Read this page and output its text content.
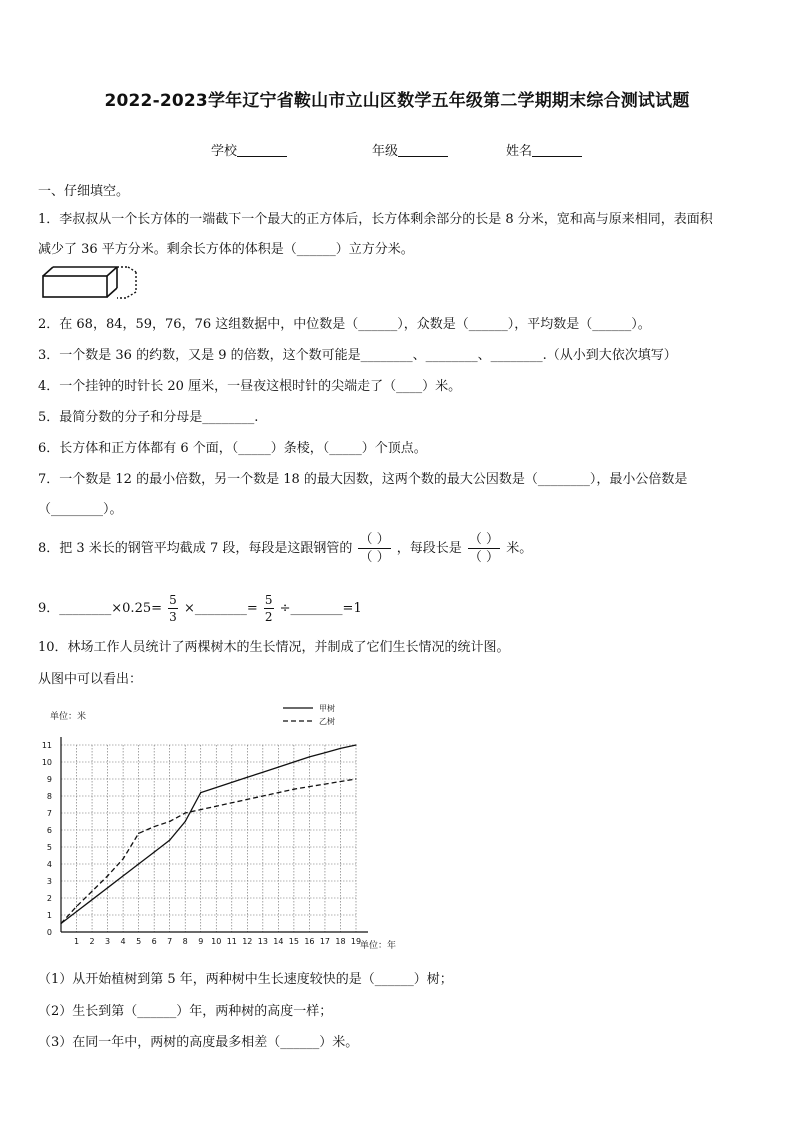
2022-2023学年辽宁省鞍山市立山区数学五年级第二学期期末综合测试试题
学校	年级	姓名
一、仔细填空。
1．李叔叔从一个长方体的一端截下一个最大的正方体后，长方体剩余部分的长是 8 分米，宽和高与原来相同，表面积
减少了 36 平方分米。剩余长方体的体积是（______）立方分米。
2．在 68，84，59，76，76 这组数据中，中位数是（______），众数是（______），平均数是（______）。
3．一个数是 36 的约数，又是 9 的倍数，这个数可能是________、________、________.（从小到大依次填写）
4．一个挂钟的时针长 20 厘米，一昼夜这根时针的尖端走了（____）米。
5．最简分数的分子和分母是________.
6．长方体和正方体都有 6 个面，（_____）条棱，（_____）个顶点。
7．一个数是 12 的最小倍数，另一个数是 18 的最大因数，这两个数的最大公因数是（________），最小公倍数是
（________）。
8．把 3 米长的钢管平均截成 7 段，每段是这跟钢管的 $\frac{( )}{( )}$ ，每段长是 $\frac{( )}{( )}$ 米。
9．________×0.25= $\frac{5}{3}$ ×________= $\frac{5}{2}$ ÷________=1
10．林场工作人员统计了两棵树木的生长情况，并制成了它们生长情况的统计图。
从图中可以看出：
1 2 3 4 5 6 7 8 9 10 11 12 13 14 15 16 17 18 19
0
1
2
3
4
5
6
7
8
9
10
11
单位：米
单位：年
甲树
乙树
（1）从开始植树到第 5 年，两种树中生长速度较快的是（______）树；
（2）生长到第（______）年，两种树的高度一样；
（3）在同一年中，两树的高度最多相差（______）米。
